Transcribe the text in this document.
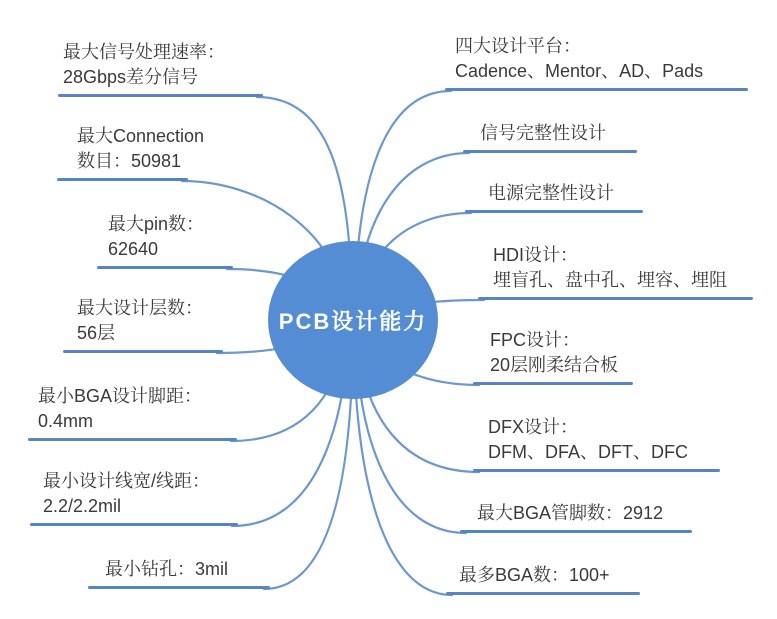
PCB设计能力
最大信号处理速率：
28Gbps差分信号
最大Connection
数目：50981
最大pin数：
62640
最大设计层数：
56层
最小BGA设计脚距：
0.4mm
最小设计线宽/线距：
2.2/2.2mil
最小钻孔：3mil
四大设计平台：
Cadence、Mentor、AD、Pads
信号完整性设计
电源完整性设计
HDI设计：
埋盲孔、盘中孔、埋容、埋阻
FPC设计：
20层刚柔结合板
DFX设计：
DFM、DFA、DFT、DFC
最大BGA管脚数：2912
最多BGA数：100+
